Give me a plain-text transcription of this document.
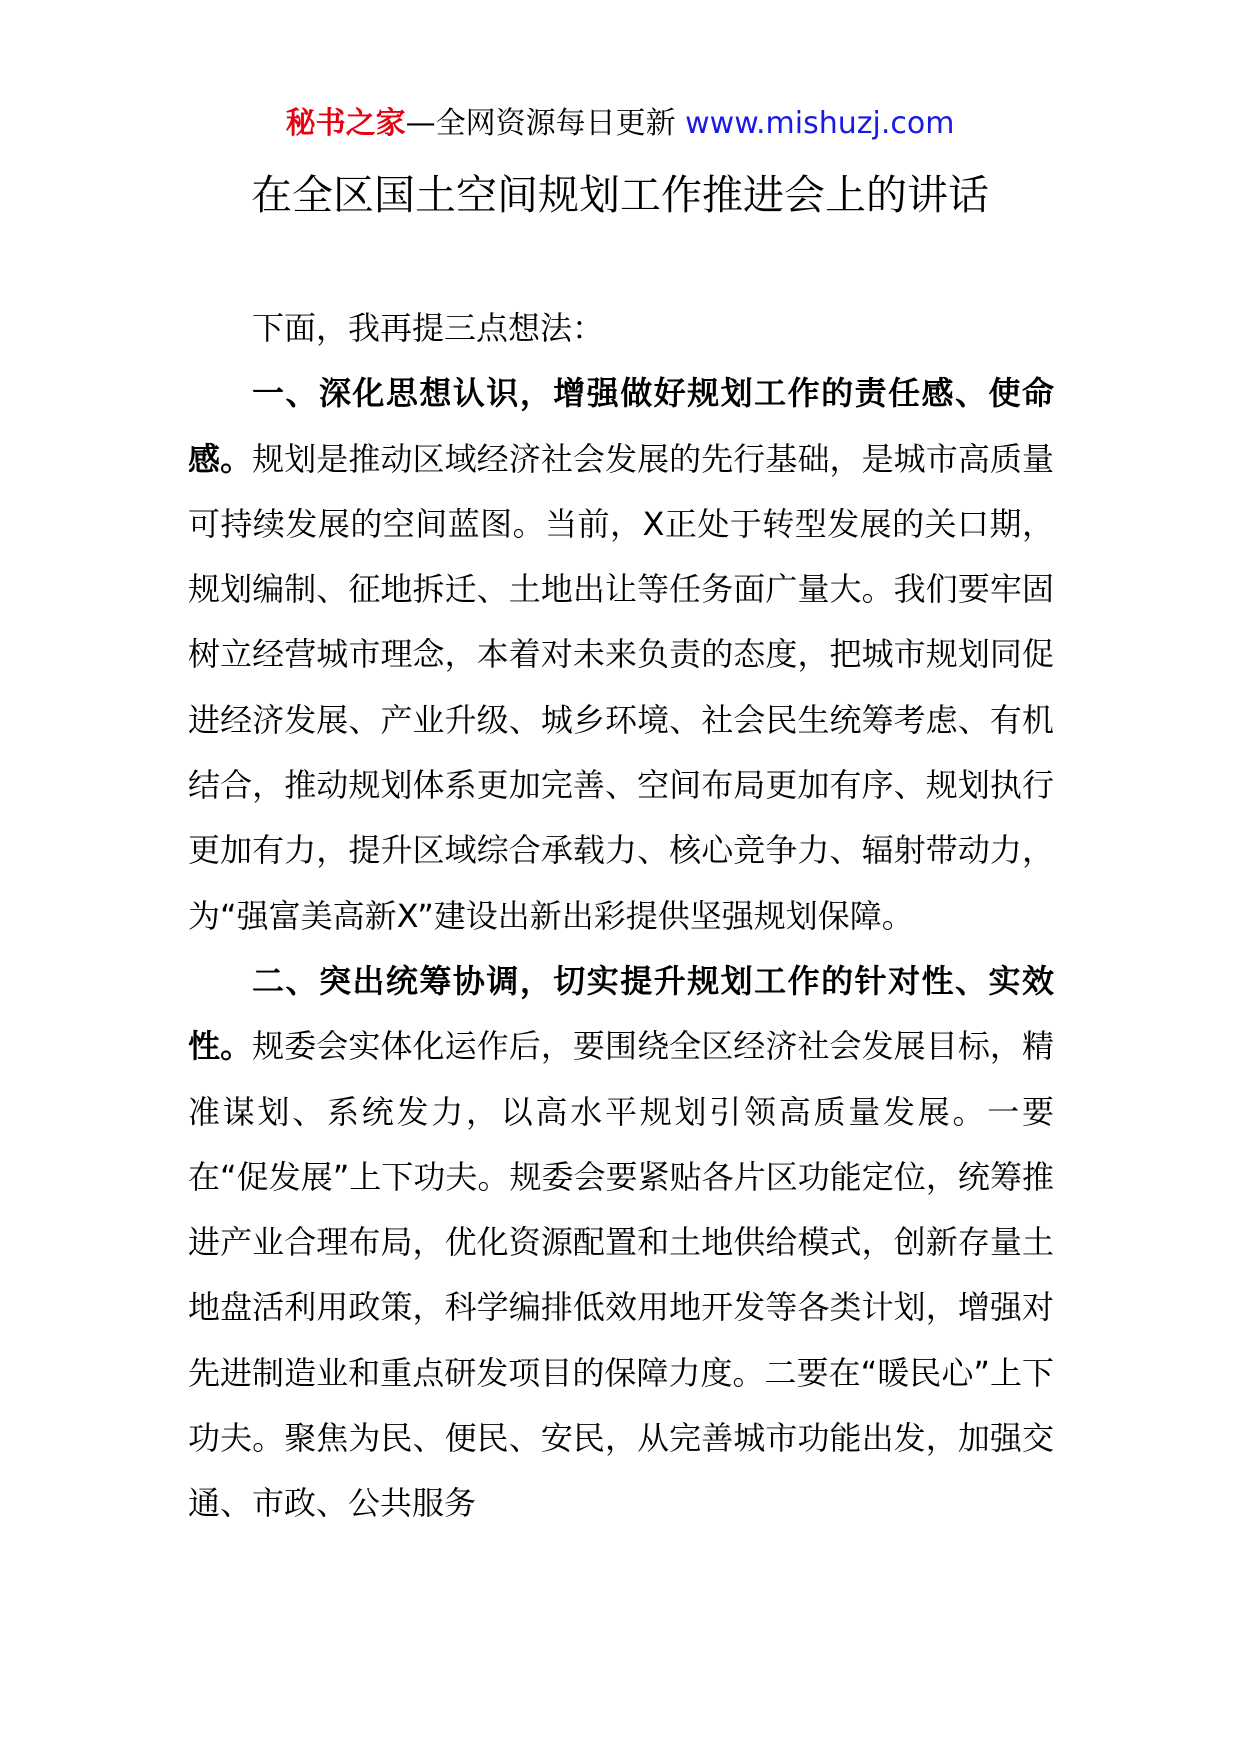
秘书之家—全网资源每日更新 www.mishuzj.com
在全区国土空间规划工作推进会上的讲话

下面，我再提三点想法：

一、深化思想认识，增强做好规划工作的责任感、使命感。规划是推动区域经济社会发展的先行基础，是城市高质量可持续发展的空间蓝图。当前，X正处于转型发展的关口期，规划编制、征地拆迁、土地出让等任务面广量大。我们要牢固树立经营城市理念，本着对未来负责的态度，把城市规划同促进经济发展、产业升级、城乡环境、社会民生统筹考虑、有机结合，推动规划体系更加完善、空间布局更加有序、规划执行更加有力，提升区域综合承载力、核心竞争力、辐射带动力，为“强富美高新X”建设出新出彩提供坚强规划保障。

二、突出统筹协调，切实提升规划工作的针对性、实效性。规委会实体化运作后，要围绕全区经济社会发展目标，精准谋划、系统发力，以高水平规划引领高质量发展。一要在“促发展”上下功夫。规委会要紧贴各片区功能定位，统筹推进产业合理布局，优化资源配置和土地供给模式，创新存量土地盘活利用政策，科学编排低效用地开发等各类计划，增强对先进制造业和重点研发项目的保障力度。二要在“暖民心”上下功夫。聚焦为民、便民、安民，从完善城市功能出发，加强交通、市政、公共服务
